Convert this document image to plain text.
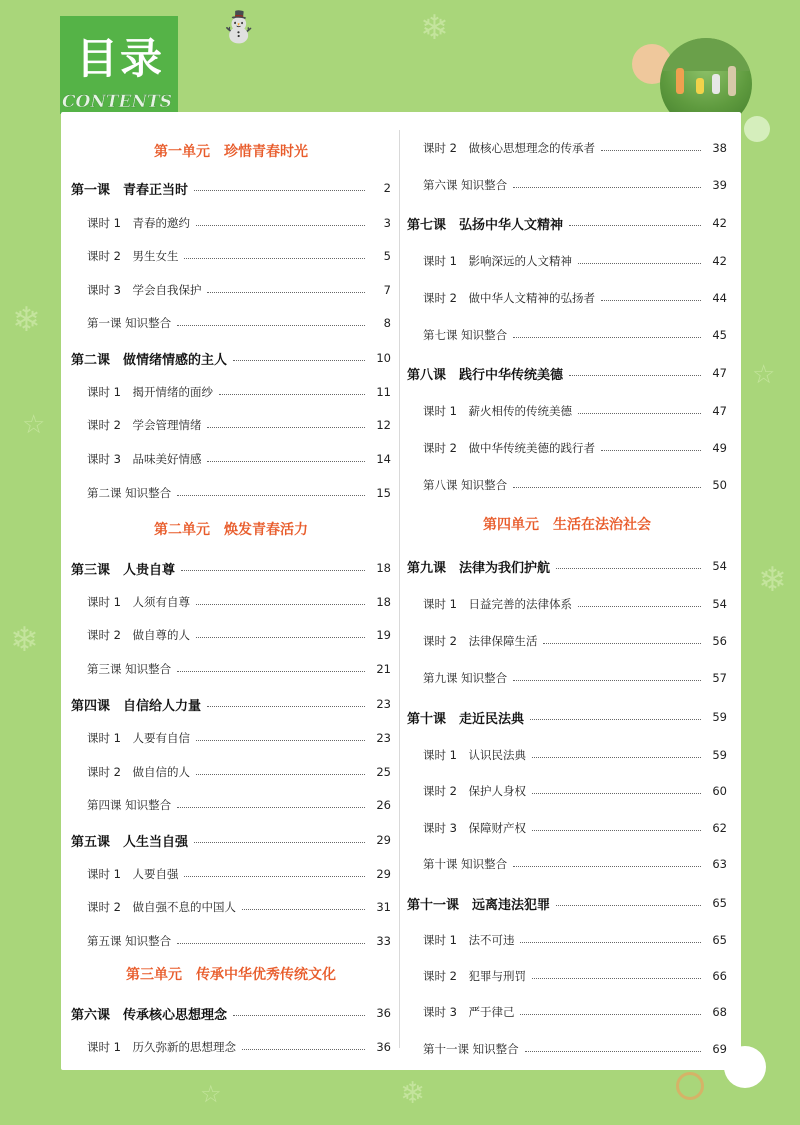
❄
❄
☆
☆
⛄	❄
❄
❄
☆
目录
CONTENTS
第一单元　珍惜青春时光
第一课　青春正当时	2
课时 1　青春的邀约	3
课时 2　男生女生	5
课时 3　学会自我保护	7
第一课 知识整合	8
第二课　做情绪情感的主人	10
课时 1　揭开情绪的面纱	11
课时 2　学会管理情绪	12
课时 3　品味美好情感	14
第二课 知识整合	15
第二单元　焕发青春活力
第三课　人贵自尊	18
课时 1　人须有自尊	18
课时 2　做自尊的人	19
第三课 知识整合	21
第四课　自信给人力量	23
课时 1　人要有自信	23
课时 2　做自信的人	25
第四课 知识整合	26
第五课　人生当自强	29
课时 1　人要自强	29
课时 2　做自强不息的中国人	31
第五课 知识整合	33
第三单元　传承中华优秀传统文化
第六课　传承核心思想理念	36
课时 1　历久弥新的思想理念	36
课时 2　做核心思想理念的传承者	38
第六课 知识整合	39
第七课　弘扬中华人文精神	42
课时 1　影响深远的人文精神	42
课时 2　做中华人文精神的弘扬者	44
第七课 知识整合	45
第八课　践行中华传统美德	47
课时 1　薪火相传的传统美德	47
课时 2　做中华传统美德的践行者	49
第八课 知识整合	50
第四单元　生活在法治社会
第九课　法律为我们护航	54
课时 1　日益完善的法律体系	54
课时 2　法律保障生活	56
第九课 知识整合	57
第十课　走近民法典	59
课时 1　认识民法典	59
课时 2　保护人身权	60
课时 3　保障财产权	62
第十课 知识整合	63
第十一课　远离违法犯罪	65
课时 1　法不可违	65
课时 2　犯罪与刑罚	66
课时 3　严于律己	68
第十一课 知识整合	69
